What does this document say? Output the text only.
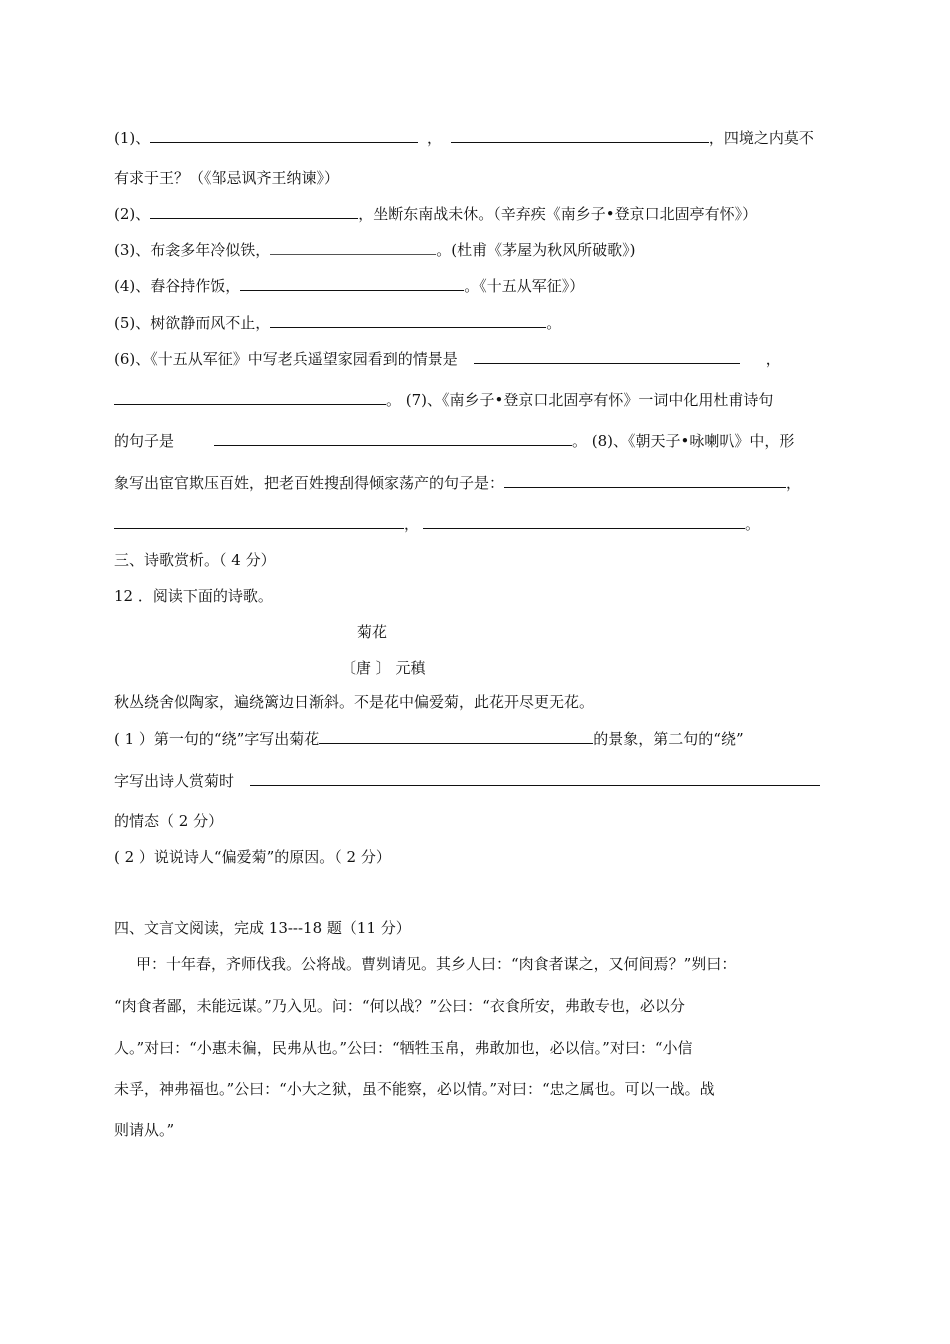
(1)、	，	，四境之内莫不
有求于王？（《邹忌讽齐王纳谏》）
(2)、	，坐断东南战未休。（辛弃疾《南乡子•登京口北固亭有怀》）
(3)、布衾多年冷似铁，	。(杜甫《茅屋为秋风所破歌》)
(4)、舂谷持作饭，	。《十五从军征》）
(5)、树欲静而风不止，	。
(6)、《十五从军征》中写老兵遥望家园看到的情景是	，
。 (7)、《南乡子•登京口北固亭有怀》一词中化用杜甫诗句
的句子是	。 (8)、《朝天子•咏喇叭》中，形
象写出宦官欺压百姓，把老百姓搜刮得倾家荡产的句子是：	，
，	。
三、诗歌赏析。（ 4 分）
12 ．阅读下面的诗歌。
菊花
〔唐 〕 元稹
秋丛绕舍似陶家，遍绕篱边日渐斜。不是花中偏爱菊，此花开尽更无花。
( 1 ）第一句的“绕”字写出菊花	的景象，第二句的“绕”
字写出诗人赏菊时
的情态（ 2 分）
( 2 ）说说诗人“偏爱菊”的原因。（ 2 分）
四、文言文阅读，完成 13---18 题（11 分）
甲：十年春，齐师伐我。公将战。曹刿请见。其乡人曰：“肉食者谋之，又何间焉？”刿曰：
“肉食者鄙，未能远谋。”乃入见。问：“何以战？”公曰：“衣食所安，弗敢专也，必以分
人。”对曰：“小惠未徧，民弗从也。”公曰：“牺牲玉帛，弗敢加也，必以信。”对曰：“小信
未孚，神弗福也。”公曰：“小大之狱，虽不能察，必以情。”对曰：“忠之属也。可以一战。战
则请从。”
